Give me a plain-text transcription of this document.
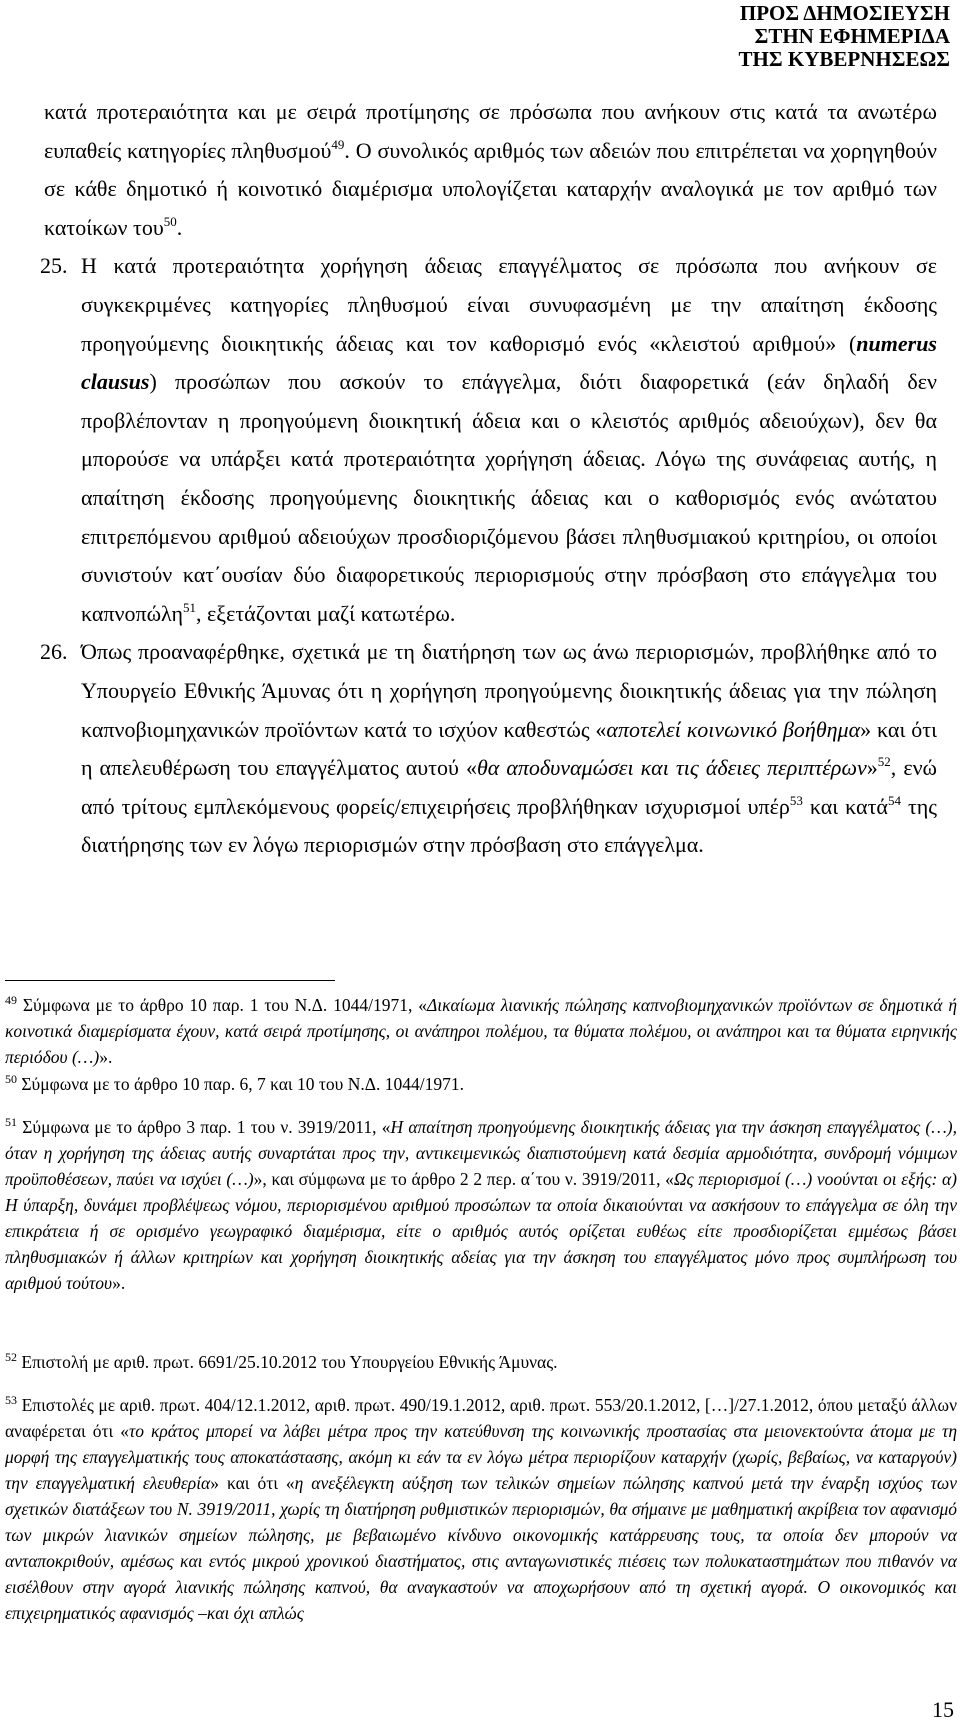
ΠΡΟΣ ΔΗΜΟΣΙΕΥΣΗ
ΣΤΗΝ ΕΦΗΜΕΡΙΔΑ
ΤΗΣ ΚΥΒΕΡΝΗΣΕΩΣ

κατά προτεραιότητα και με σειρά προτίμησης σε πρόσωπα που ανήκουν στις κατά τα ανωτέρω ευπαθείς κατηγορίες πληθυσμού$^{49}$. Ο συνολικός αριθμός των αδειών που επιτρέπεται να χορηγηθούν σε κάθε δημοτικό ή κοινοτικό διαμέρισμα υπολογίζεται καταρχήν αναλογικά με τον αριθμό των κατοίκων του$^{50}$.

25. Η κατά προτεραιότητα χορήγηση άδειας επαγγέλματος σε πρόσωπα που ανήκουν σε συγκεκριμένες κατηγορίες πληθυσμού είναι συνυφασμένη με την απαίτηση έκδοσης προηγούμενης διοικητικής άδειας και τον καθορισμό ενός «κλειστού αριθμού» (numerus clausus) προσώπων που ασκούν το επάγγελμα, διότι διαφορετικά (εάν δηλαδή δεν προβλέπονταν η προηγούμενη διοικητική άδεια και ο κλειστός αριθμός αδειούχων), δεν θα μπορούσε να υπάρξει κατά προτεραιότητα χορήγηση άδειας. Λόγω της συνάφειας αυτής, η απαίτηση έκδοσης προηγούμενης διοικητικής άδειας και ο καθορισμός ενός ανώτατου επιτρεπόμενου αριθμού αδειούχων προσδιοριζόμενου βάσει πληθυσμιακού κριτηρίου, οι οποίοι συνιστούν κατ΄ουσίαν δύο διαφορετικούς περιορισμούς στην πρόσβαση στο επάγγελμα του καπνοπώλη$^{51}$, εξετάζονται μαζί κατωτέρω.

26. Όπως προαναφέρθηκε, σχετικά με τη διατήρηση των ως άνω περιορισμών, προβλήθηκε από το Υπουργείο Εθνικής Άμυνας ότι η χορήγηση προηγούμενης διοικητικής άδειας για την πώληση καπνοβιομηχανικών προϊόντων κατά το ισχύον καθεστώς «αποτελεί κοινωνικό βοήθημα» και ότι η απελευθέρωση του επαγγέλματος αυτού «θα αποδυναμώσει και τις άδειες περιπτέρων»$^{52}$, ενώ από τρίτους εμπλεκόμενους φορείς/επιχειρήσεις προβλήθηκαν ισχυρισμοί υπέρ$^{53}$ και κατά$^{54}$ της διατήρησης των εν λόγω περιορισμών στην πρόσβαση στο επάγγελμα.

$^{49}$ Σύμφωνα με το άρθρο 10 παρ. 1 του Ν.Δ. 1044/1971, «Δικαίωμα λιανικής πώλησης καπνοβιομηχανικών προϊόντων σε δημοτικά ή κοινοτικά διαμερίσματα έχουν, κατά σειρά προτίμησης, οι ανάπηροι πολέμου, τα θύματα πολέμου, οι ανάπηροι και τα θύματα ειρηνικής περιόδου (…)».
$^{50}$ Σύμφωνα με το άρθρο 10 παρ. 6, 7 και 10 του Ν.Δ. 1044/1971.
$^{51}$ Σύμφωνα με το άρθρο 3 παρ. 1 του ν. 3919/2011, «Η απαίτηση προηγούμενης διοικητικής άδειας για την άσκηση επαγγέλματος (…), όταν η χορήγηση της άδειας αυτής συναρτάται προς την, αντικειμενικώς διαπιστούμενη κατά δεσμία αρμοδιότητα, συνδρομή νόμιμων προϋποθέσεων, παύει να ισχύει (…)», και σύμφωνα με το άρθρο 2 2 περ. α΄του ν. 3919/2011, «Ως περιορισμοί (…) νοούνται οι εξής: α) Η ύπαρξη, δυνάμει προβλέψεως νόμου, περιορισμένου αριθμού προσώπων τα οποία δικαιούνται να ασκήσουν το επάγγελμα σε όλη την επικράτεια ή σε ορισμένο γεωγραφικό διαμέρισμα, είτε ο αριθμός αυτός ορίζεται ευθέως είτε προσδιορίζεται εμμέσως βάσει πληθυσμιακών ή άλλων κριτηρίων και χορήγηση διοικητικής αδείας για την άσκηση του επαγγέλματος μόνο προς συμπλήρωση του αριθμού τούτου».
$^{52}$ Επιστολή με αριθ. πρωτ. 6691/25.10.2012 του Υπουργείου Εθνικής Άμυνας.
$^{53}$ Επιστολές με αριθ. πρωτ. 404/12.1.2012, αριθ. πρωτ. 490/19.1.2012, αριθ. πρωτ. 553/20.1.2012, […]/27.1.2012, όπου μεταξύ άλλων αναφέρεται ότι «το κράτος μπορεί να λάβει μέτρα προς την κατεύθυνση της κοινωνικής προστασίας στα μειονεκτούντα άτομα με τη μορφή της επαγγελματικής τους αποκατάστασης, ακόμη κι εάν τα εν λόγω μέτρα περιορίζουν καταρχήν (χωρίς, βεβαίως, να καταργούν) την επαγγελματική ελευθερία» και ότι «η ανεξέλεγκτη αύξηση των τελικών σημείων πώλησης καπνού μετά την έναρξη ισχύος των σχετικών διατάξεων του Ν. 3919/2011, χωρίς τη διατήρηση ρυθμιστικών περιορισμών, θα σήμαινε με μαθηματική ακρίβεια τον αφανισμό των μικρών λιανικών σημείων πώλησης, με βεβαιωμένο κίνδυνο οικονομικής κατάρρευσης τους, τα οποία δεν μπορούν να ανταποκριθούν, αμέσως και εντός μικρού χρονικού διαστήματος, στις ανταγωνιστικές πιέσεις των πολυκαταστημάτων που πιθανόν να εισέλθουν στην αγορά λιανικής πώλησης καπνού, θα αναγκαστούν να αποχωρήσουν από τη σχετική αγορά. Ο οικονομικός και επιχειρηματικός αφανισμός –και όχι απλώς
15
